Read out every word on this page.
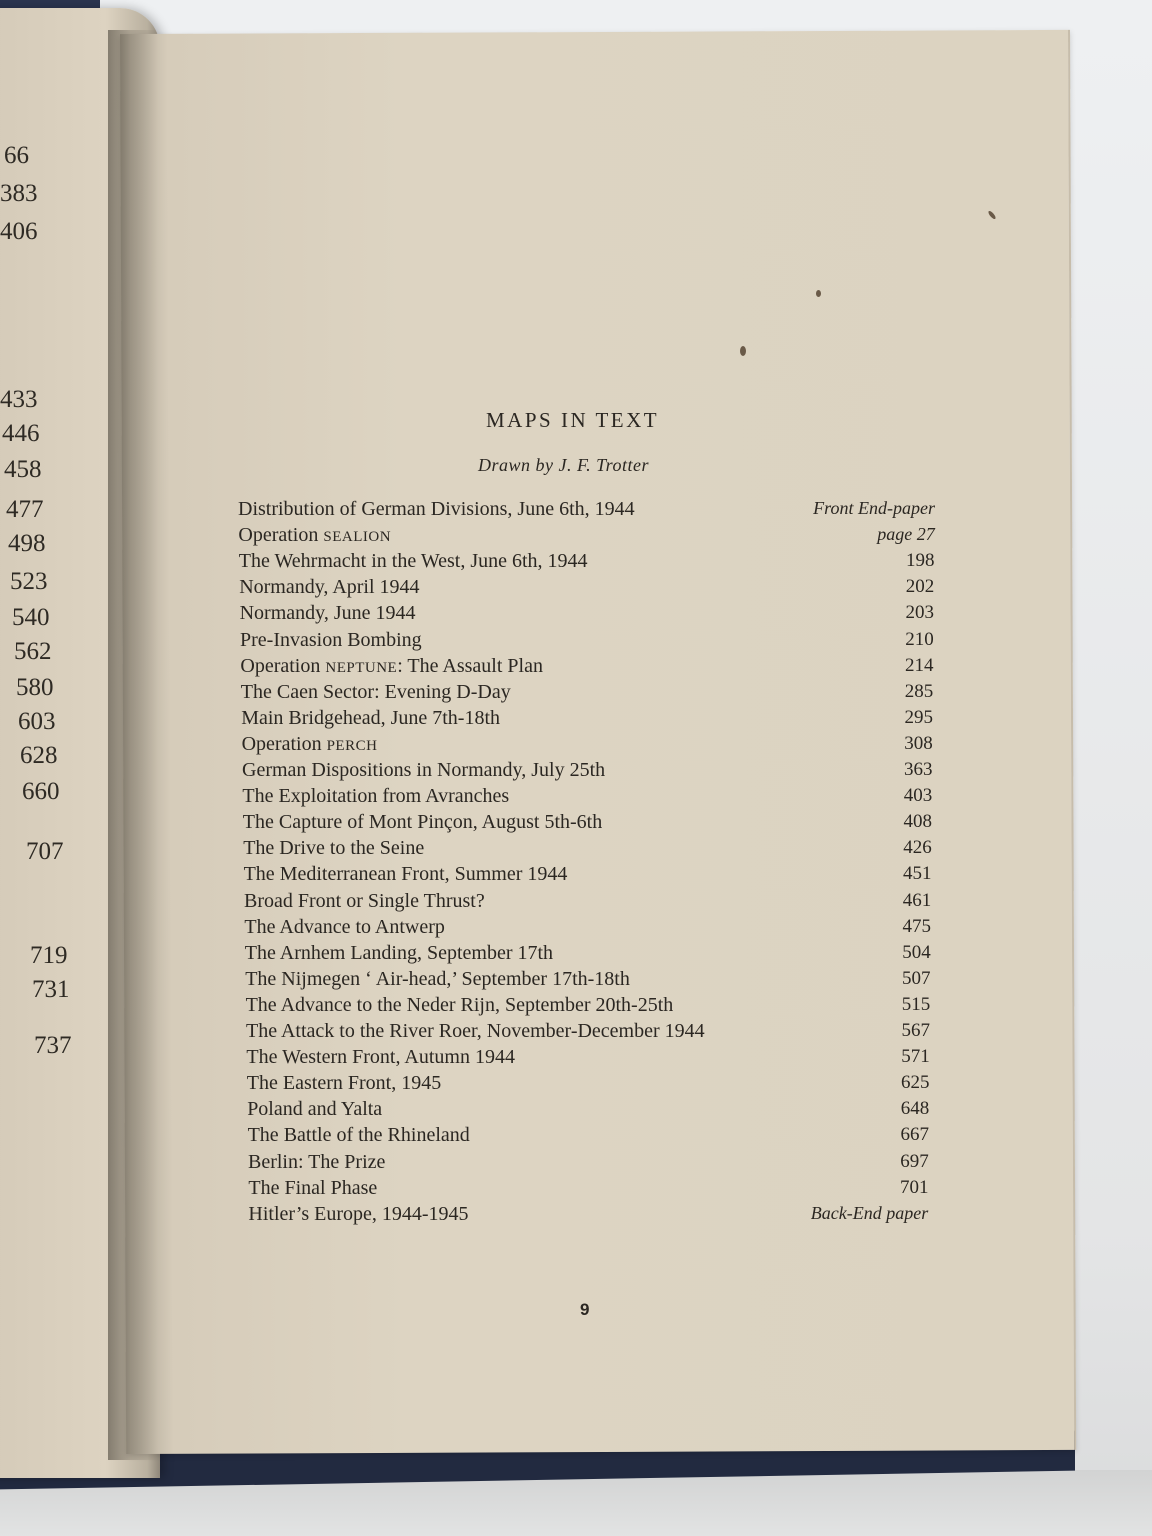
66
383
406
433
446
458
477
498
523
540
562
580
603
628
660
707
719
731
737
MAPS IN TEXT
Drawn by J. F. Trotter
Distribution of German Divisions, June 6th, 1944	Front End-paper
Operation SEALION	page 27
The Wehrmacht in the West, June 6th, 1944	198
Normandy, April 1944	202
Normandy, June 1944	203
Pre-Invasion Bombing	210
Operation NEPTUNE: The Assault Plan	214
The Caen Sector: Evening D-Day	285
Main Bridgehead, June 7th-18th	295
Operation PERCH	308
German Dispositions in Normandy, July 25th	363
The Exploitation from Avranches	403
The Capture of Mont Pinçon, August 5th-6th	408
The Drive to the Seine	426
The Mediterranean Front, Summer 1944	451
Broad Front or Single Thrust?	461
The Advance to Antwerp	475
The Arnhem Landing, September 17th	504
The Nijmegen ‘ Air-head,’ September 17th-18th	507
The Advance to the Neder Rijn, September 20th-25th	515
The Attack to the River Roer, November-December 1944	567
The Western Front, Autumn 1944	571
The Eastern Front, 1945	625
Poland and Yalta	648
The Battle of the Rhineland	667
Berlin: The Prize	697
The Final Phase	701
Hitler’s Europe, 1944-1945	Back-End paper
9
